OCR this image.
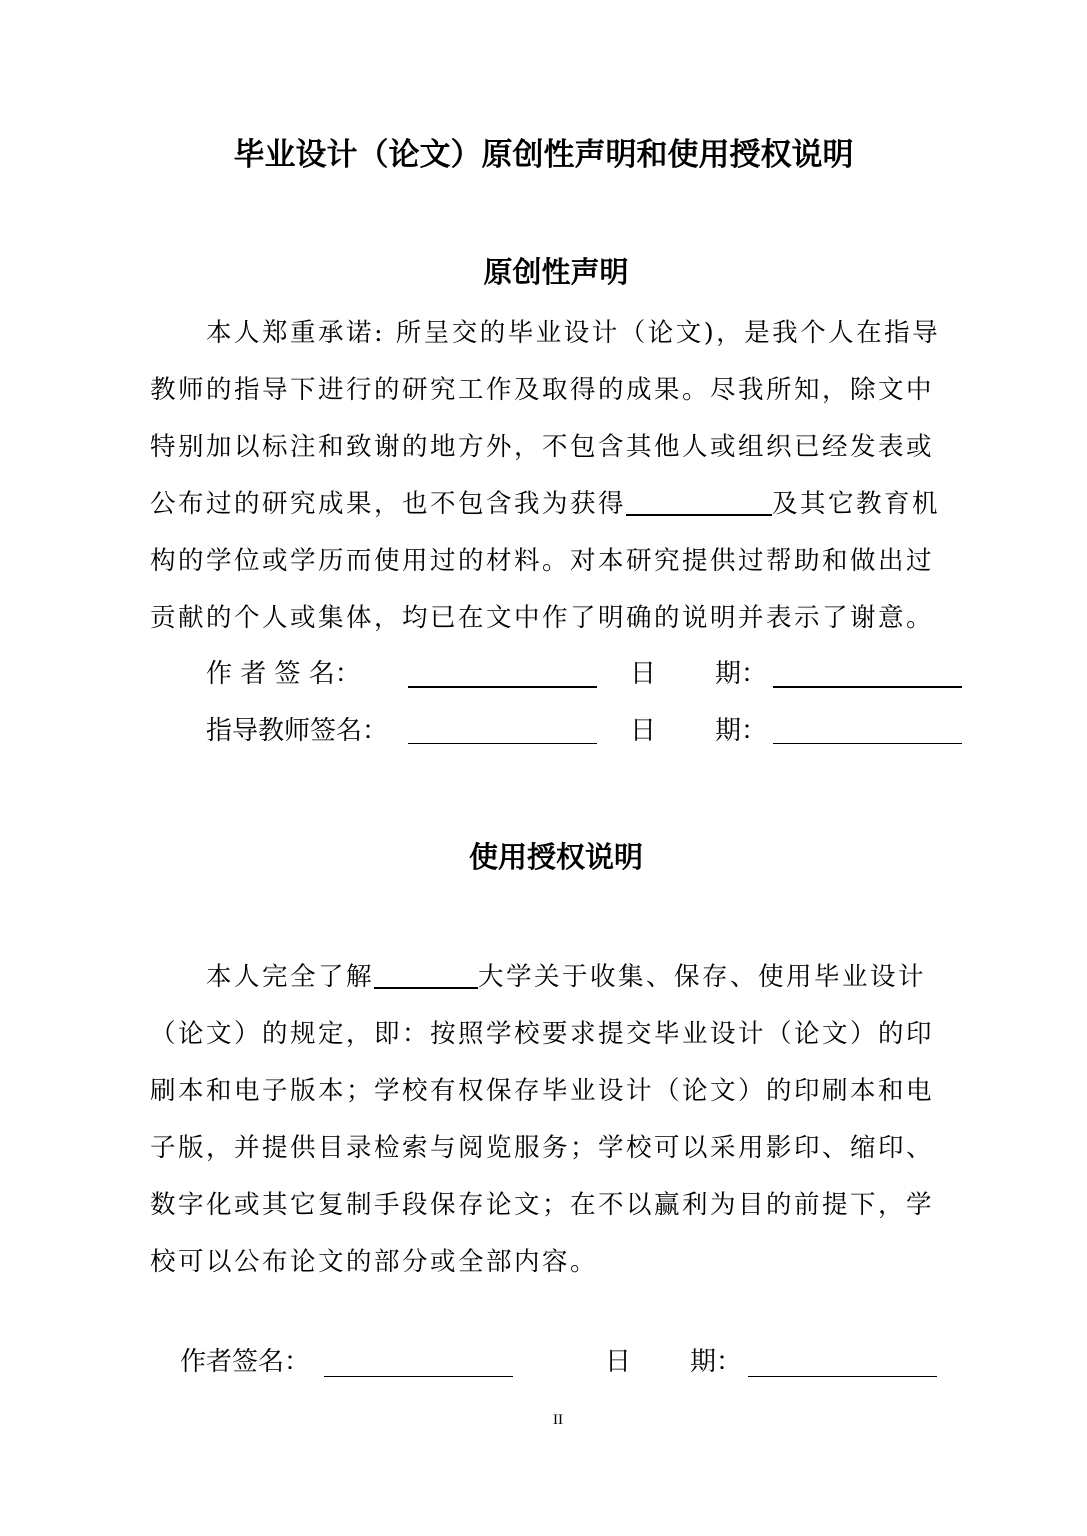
毕业设计（论文）原创性声明和使用授权说明
原创性声明
本人郑重承诺: 所呈交的毕业设计（论文)，是我个人在指导
教师的指导下进行的研究工作及取得的成果。尽我所知，除文中
特别加以标注和致谢的地方外，不包含其他人或组织已经发表或
公布过的研究成果，也不包含我为获得	及其它教育机
构的学位或学历而使用过的材料。对本研究提供过帮助和做出过
贡献的个人或集体，均已在文中作了明确的说明并表示了谢意。
作 者 签 名：	日 期：
指导教师签名：	日 期：
使用授权说明
本人完全了解	大学关于收集、保存、使用毕业设计
（论文）的规定，即：按照学校要求提交毕业设计（论文）的印
刷本和电子版本；学校有权保存毕业设计（论文）的印刷本和电
子版，并提供目录检索与阅览服务；学校可以采用影印、缩印、
数字化或其它复制手段保存论文；在不以赢利为目的前提下，学
校可以公布论文的部分或全部内容。
作者签名：	日 期：
II
